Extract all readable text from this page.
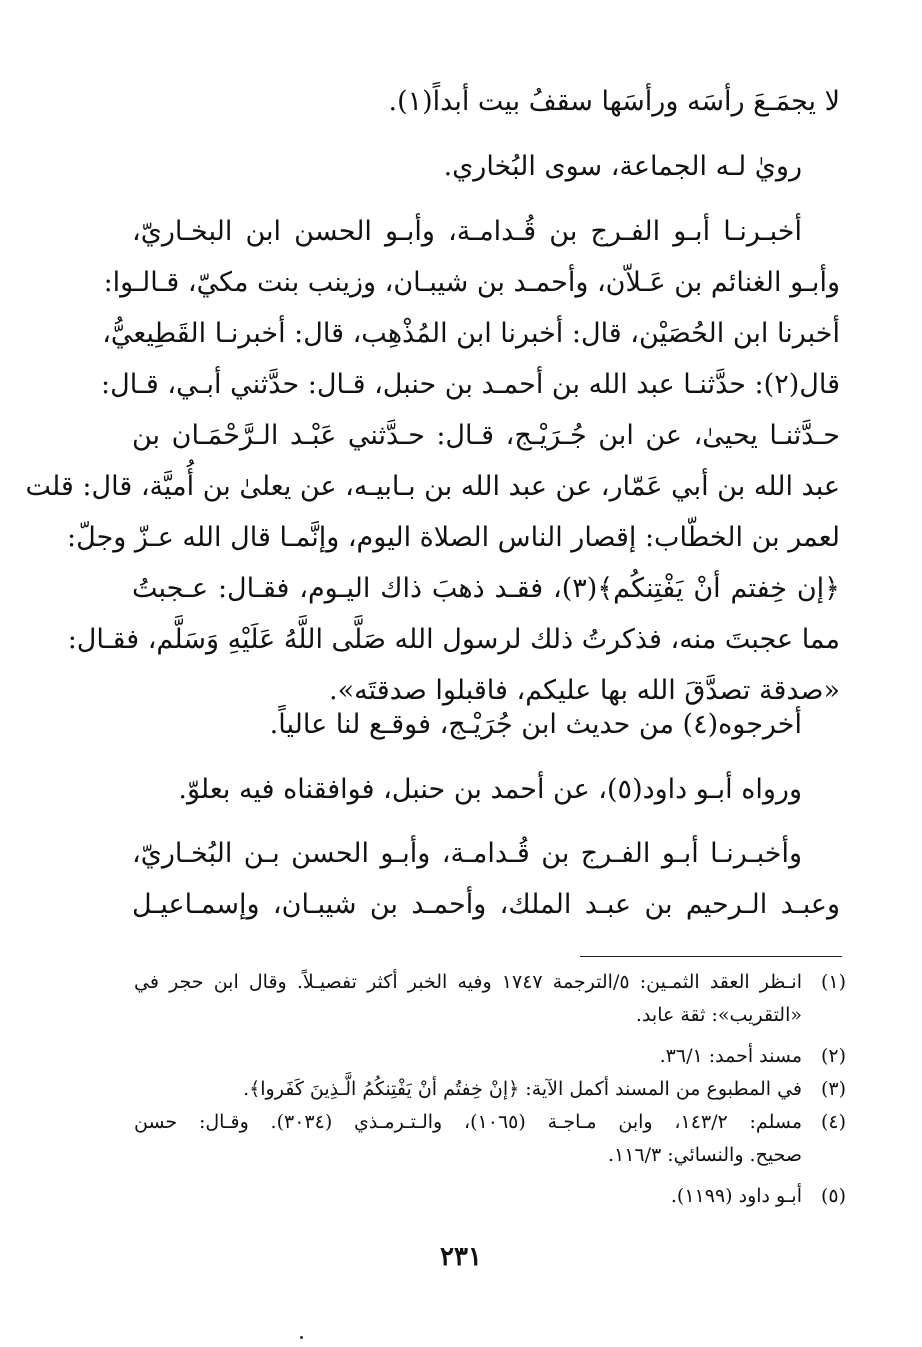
لا يجمَـعَ رأسَه ورأسَها سقفُ بيت أبداً(١).
رويٰ لـه الجماعة، سوى البُخاري.
أخبـرنـا أبـو الفـرج بن قُـدامـة، وأبـو الحسن ابن البخـاريّ،
وأبـو الغنائم بن عَـلاّن، وأحمـد بن شيبـان، وزينب بنت مكيّ، قـالـوا:
أخبرنا ابن الحُصَيْن، قال: أخبرنا ابن المُذْهِب، قال: أخبرنـا القَطِيعيُّ،
قال(٢): حدَّثنـا عبد الله بن أحمـد بن حنبل، قـال: حدَّثني أبـي، قـال:
حـدَّثنـا يحيىٰ، عن ابن جُـرَيْـج، قـال: حـدَّثني عَبْـد الـرَّحْمَـان بن
عبد الله بن أبي عَمّار، عن عبد الله بن بـابيـه، عن يعلىٰ بن أُميَّة، قال: قلت
لعمر بن الخطّاب: إقصار الناس الصلاة اليوم، وإنَّمـا قال الله عـزّ وجلّ:
﴿إن خِفتم أنْ يَفْتِنكُم﴾(٣)، فقـد ذهبَ ذاك اليـوم، فقـال: عـجبتُ
مما عجبتَ منه، فذكرتُ ذلك لرسول الله صَلَّى اللَّهُ عَلَيْهِ وَسَلَّم، فقـال:
«صدقة تصدَّقَ الله بها عليكم، فاقبلوا صدقتَه».
أخرجوه(٤) من حديث ابن جُرَيْـج، فوقـع لنا عالياً.
ورواه أبـو داود(٥)، عن أحمد بن حنبل، فوافقناه فيه بعلوّ.
وأخبـرنـا أبـو الفـرج بن قُـدامـة، وأبـو الحسن بـن البُخـاريّ،
وعبـد الـرحيم بن عبـد الملك، وأحمـد بن شيبـان، وإسمـاعيـل
(١)
انـظر العقد الثمـين: ٥/الترجمة ١٧٤٧ وفيه الخبر أكثر تفصيـلاً. وقال ابن حجر في
«التقريب»: ثقة عابد.
(٢)
مسند أحمد: ٣٦/١.
(٣)
في المطبوع من المسند أكمل الآية: ﴿إنْ خِفتُم أنْ يَفْتِنكُمُ الَّـذِينَ كَفَروا﴾.
(٤)
مسلم: ١٤٣/٢، وابن مـاجـة (١٠٦٥)، والـتـرمـذي (٣٠٣٤). وقـال: حسن
صحيح. والنسائي: ١١٦/٣.
(٥)
أبـو داود (١١٩٩).
٢٣١
